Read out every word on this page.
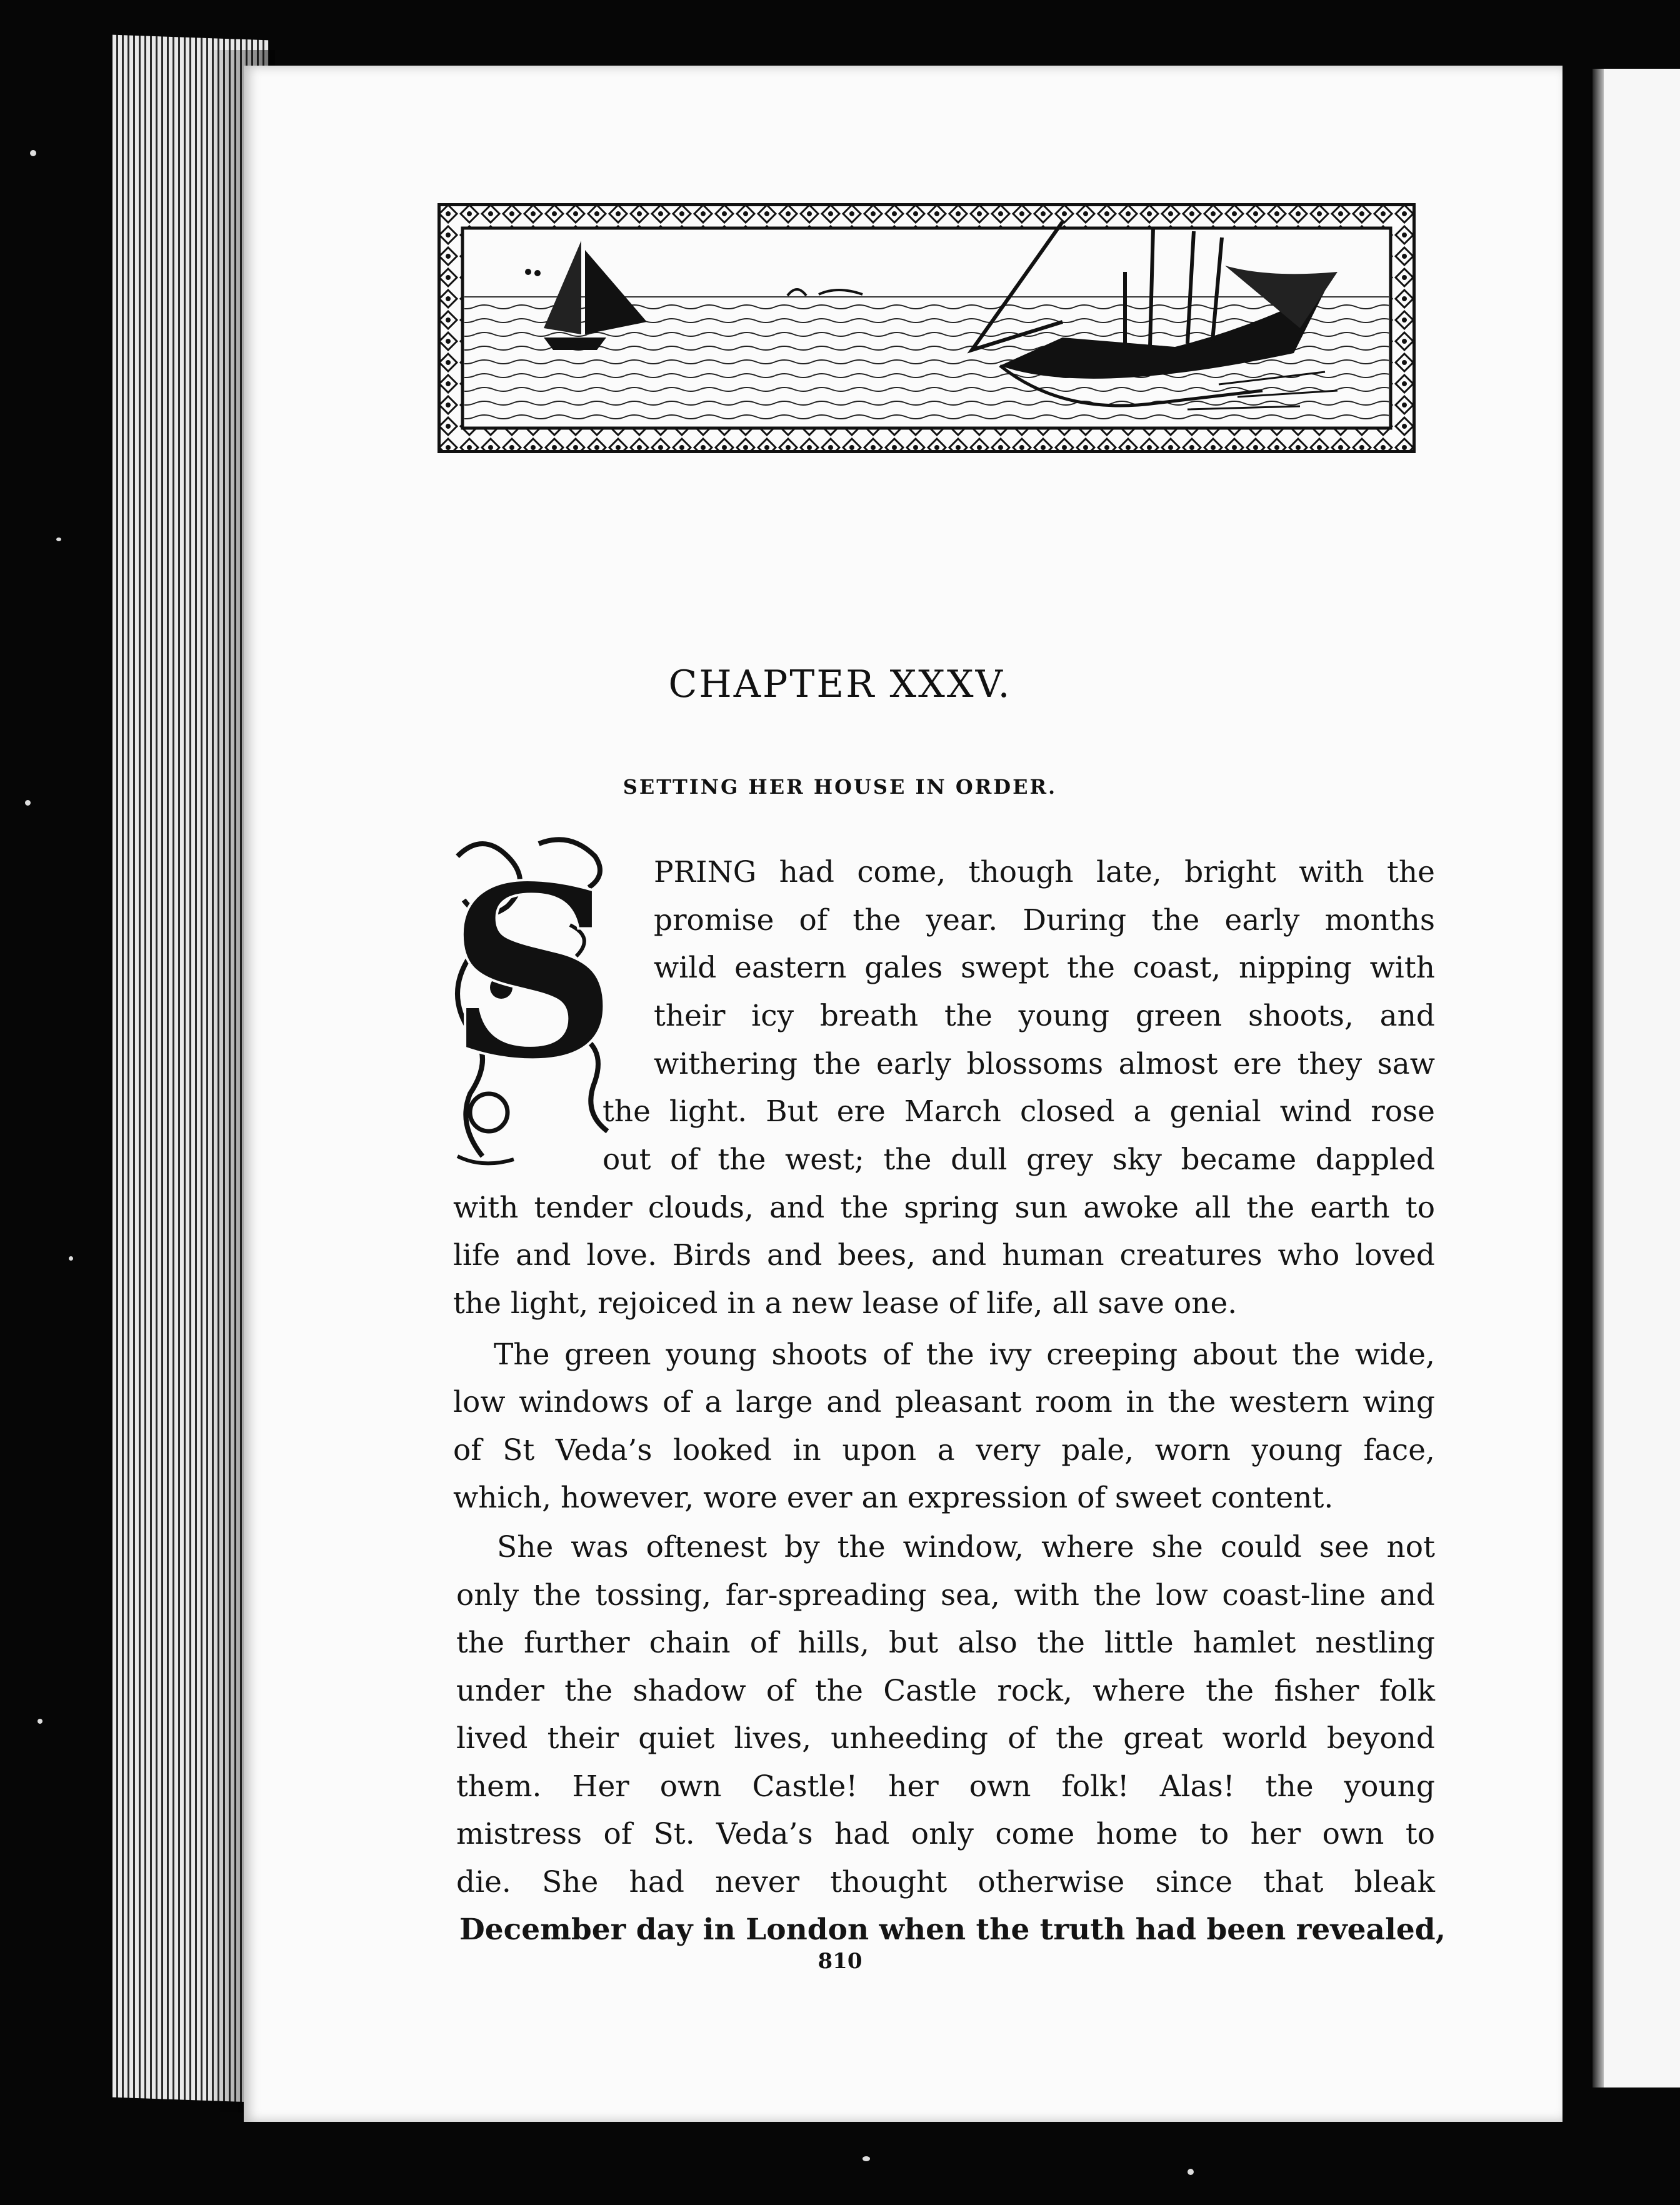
CHAPTER XXXV.
SETTING HER HOUSE IN ORDER.
S PRING had come, though late, bright with the

promise of the year. During the early months

wild eastern gales swept the coast, nipping with

their icy breath the young green shoots, and

withering the early blossoms almost ere they saw

the light. But ere March closed a genial wind rose

out of the west; the dull grey sky became dappled

with tender clouds, and the spring sun awoke all the earth to

life and love. Birds and bees, and human creatures who loved

the light, rejoiced in a new lease of life, all save one.

The green young shoots of the ivy creeping about the wide,

low windows of a large and pleasant room in the western wing

of St Veda’s looked in upon a very pale, worn young face,

which, however, wore ever an expression of sweet content.

She was oftenest by the window, where she could see not

only the tossing, far-spreading sea, with the low coast-line and

the further chain of hills, but also the little hamlet nestling

under the shadow of the Castle rock, where the fisher folk

lived their quiet lives, unheeding of the great world beyond

them. Her own Castle! her own folk! Alas! the young

mistress of St. Veda’s had only come home to her own to

die. She had never thought otherwise since that bleak

December day in London when the truth had been revealed,

810
